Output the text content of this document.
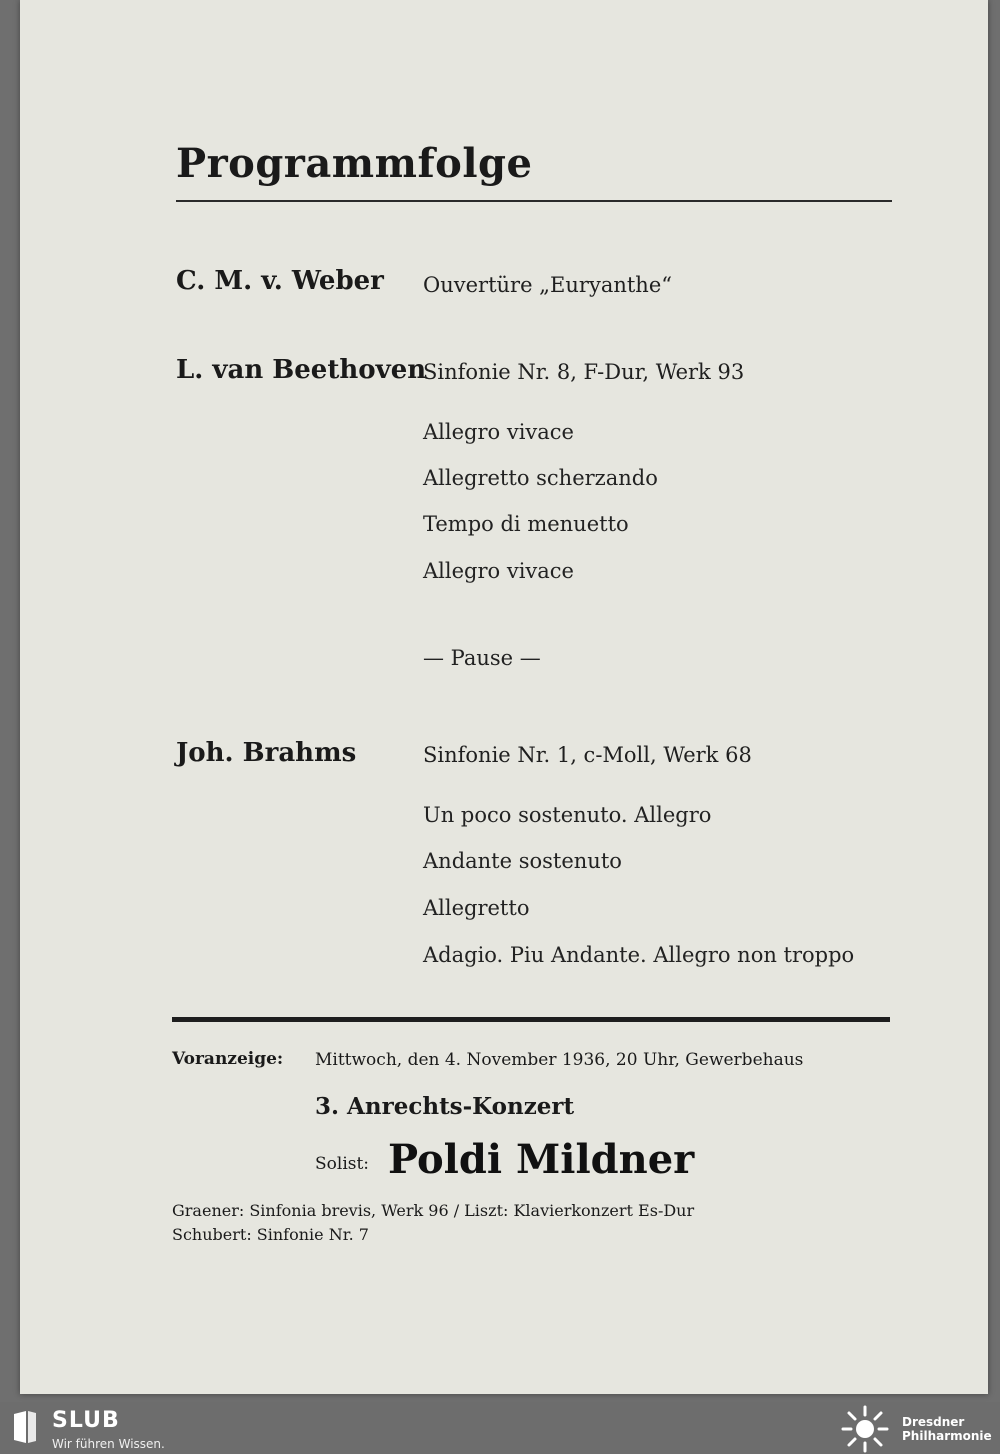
Programmfolge
C. M. v. Weber Ouvertüre „Euryanthe“
L. van Beethoven
Sinfonie Nr. 8, F-Dur, Werk 93
Allegro vivace
Allegretto scherzando
Tempo di menuetto
Allegro vivace
— Pause —
Joh. Brahms	Sinfonie Nr. 1, c-Moll, Werk 68
Un poco sostenuto. Allegro
Andante sostenuto
Allegretto
Adagio. Piu Andante. Allegro non troppo
Voranzeige: Mittwoch, den 4. November 1936, 20 Uhr, Gewerbehaus
3. Anrechts-Konzert
Solist: Poldi Mildner
Graener: Sinfonia brevis, Werk 96 / Liszt: Klavierkonzert Es-Dur
Schubert: Sinfonie Nr. 7
SLUB
Wir führen Wissen.
Dresdner
Philharmonie
